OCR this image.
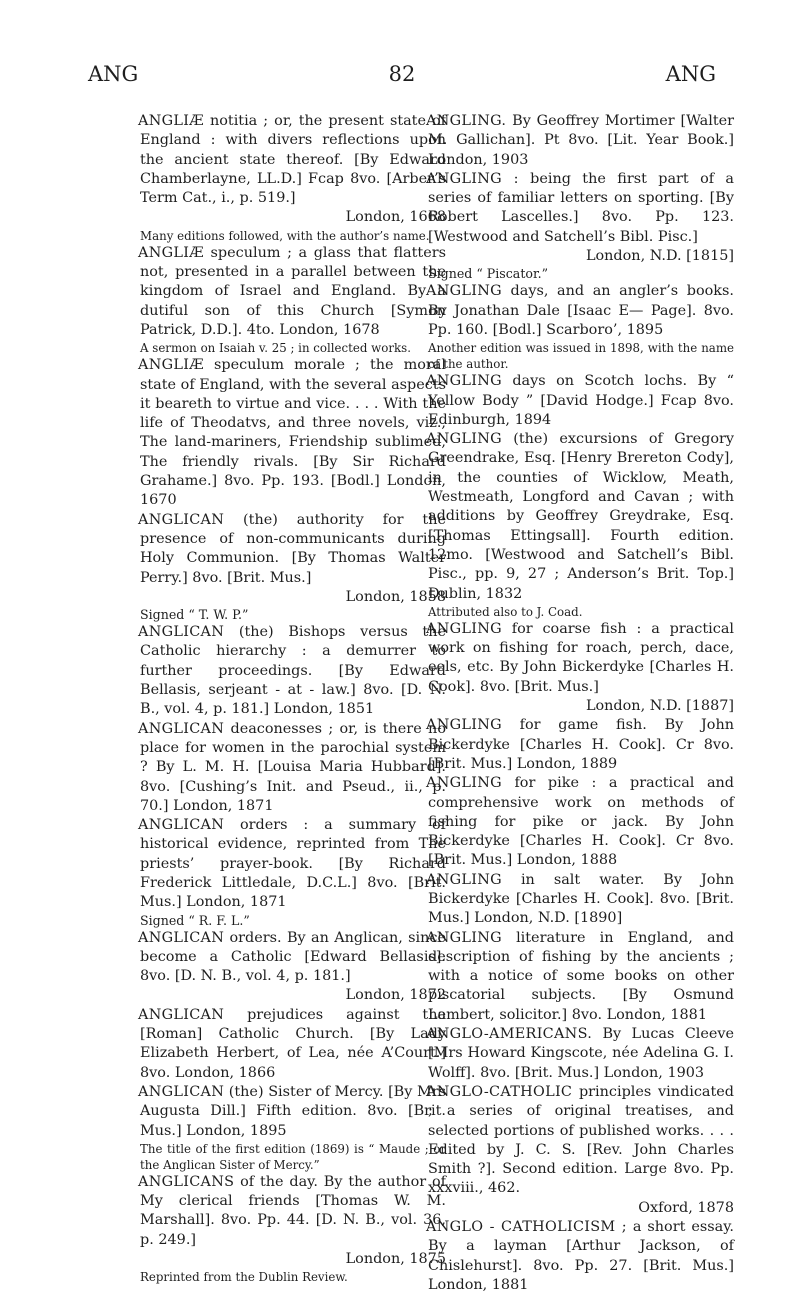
ANG	82	ANG

ANGLIÆ notitia ; or, the present state of England : with divers reflections upon the ancient state thereof. [By Edward Chamberlayne, LL.D.] Fcap 8vo. [Arber’s Term Cat., i., p. 519.]
London, 1668

Many editions followed, with the author’s name.

ANGLIÆ speculum ; a glass that flatters not, presented in a parallel between the kingdom of Israel and England. By a dutiful son of this Church [Symon Patrick, D.D.]. 4to. London, 1678

A sermon on Isaiah v. 25 ; in collected works.

ANGLIÆ speculum morale ; the moral state of England, with the several aspects it beareth to virtue and vice. . . . With the life of Theodatvs, and three novels, viz., The land-mariners, Friendship sublimed, The friendly rivals. [By Sir Richard Grahame.] 8vo. Pp. 193. [Bodl.] London, 1670

ANGLICAN (the) authority for the presence of non-communicants during Holy Communion. [By Thomas Walter Perry.] 8vo. [Brit. Mus.]
London, 1858

Signed “ T. W. P.”

ANGLICAN (the) Bishops versus the Catholic hierarchy : a demurrer to further proceedings. [By Edward Bellasis, serjeant - at - law.] 8vo. [D. N. B., vol. 4, p. 181.] London, 1851

ANGLICAN deaconesses ; or, is there no place for women in the parochial system ? By L. M. H. [Louisa Maria Hubbard]. 8vo. [Cushing’s Init. and Pseud., ii., p. 70.] London, 1871

ANGLICAN orders : a summary of historical evidence, reprinted from The priests’ prayer-book. [By Richard Frederick Littledale, D.C.L.] 8vo. [Brit. Mus.] London, 1871

Signed “ R. F. L.”

ANGLICAN orders. By an Anglican, since become a Catholic [Edward Bellasis]. 8vo. [D. N. B., vol. 4, p. 181.]
London, 1872

ANGLICAN prejudices against the [Roman] Catholic Church. [By Lady Elizabeth Herbert, of Lea, née A’Court.] 8vo. London, 1866

ANGLICAN (the) Sister of Mercy. [By Mrs Augusta Dill.] Fifth edition. 8vo. [Brit. Mus.] London, 1895

The title of the first edition (1869) is “ Maude ; or the Anglican Sister of Mercy.”

ANGLICANS of the day. By the author of My clerical friends [Thomas W. M. Marshall]. 8vo. Pp. 44. [D. N. B., vol. 36, p. 249.]
London, 1875

Reprinted from the Dublin Review.

ANGLING. By Geoffrey Mortimer [Walter M. Gallichan]. Pt 8vo. [Lit. Year Book.] London, 1903

ANGLING : being the first part of a series of familiar letters on sporting. [By Robert Lascelles.] 8vo. Pp. 123. [Westwood and Satchell’s Bibl. Pisc.]
London, N.D. [1815]

Signed “ Piscator.”

ANGLING days, and an angler’s books. By Jonathan Dale [Isaac E— Page]. 8vo. Pp. 160. [Bodl.] Scarboro’, 1895

Another edition was issued in 1898, with the name of the author.

ANGLING days on Scotch lochs. By “ Yellow Body ” [David Hodge.] Fcap 8vo. Edinburgh, 1894

ANGLING (the) excursions of Gregory Greendrake, Esq. [Henry Brereton Cody], in the counties of Wicklow, Meath, Westmeath, Longford and Cavan ; with additions by Geoffrey Greydrake, Esq. [Thomas Ettingsall]. Fourth edition. 12mo. [Westwood and Satchell’s Bibl. Pisc., pp. 9, 27 ; Anderson’s Brit. Top.] Dublin, 1832

Attributed also to J. Coad.

ANGLING for coarse fish : a practical work on fishing for roach, perch, dace, eels, etc. By John Bickerdyke [Charles H. Cook]. 8vo. [Brit. Mus.]
London, N.D. [1887]

ANGLING for game fish. By John Bickerdyke [Charles H. Cook]. Cr 8vo. [Brit. Mus.] London, 1889

ANGLING for pike : a practical and comprehensive work on methods of fishing for pike or jack. By John Bickerdyke [Charles H. Cook]. Cr 8vo. [Brit. Mus.] London, 1888

ANGLING in salt water. By John Bickerdyke [Charles H. Cook]. 8vo. [Brit. Mus.] London, N.D. [1890]

ANGLING literature in England, and description of fishing by the ancients ; with a notice of some books on other piscatorial subjects. [By Osmund Lambert, solicitor.] 8vo. London, 1881

ANGLO-AMERICANS. By Lucas Cleeve [Mrs Howard Kingscote, née Adelina G. I. Wolff]. 8vo. [Brit. Mus.] London, 1903

ANGLO-CATHOLIC principles vindicated ; a series of original treatises, and selected portions of published works. . . . Edited by J. C. S. [Rev. John Charles Smith ?]. Second edition. Large 8vo. Pp. xxxviii., 462.
Oxford, 1878

ANGLO - CATHOLICISM ; a short essay. By a layman [Arthur Jackson, of Chislehurst]. 8vo. Pp. 27. [Brit. Mus.] London, 1881
